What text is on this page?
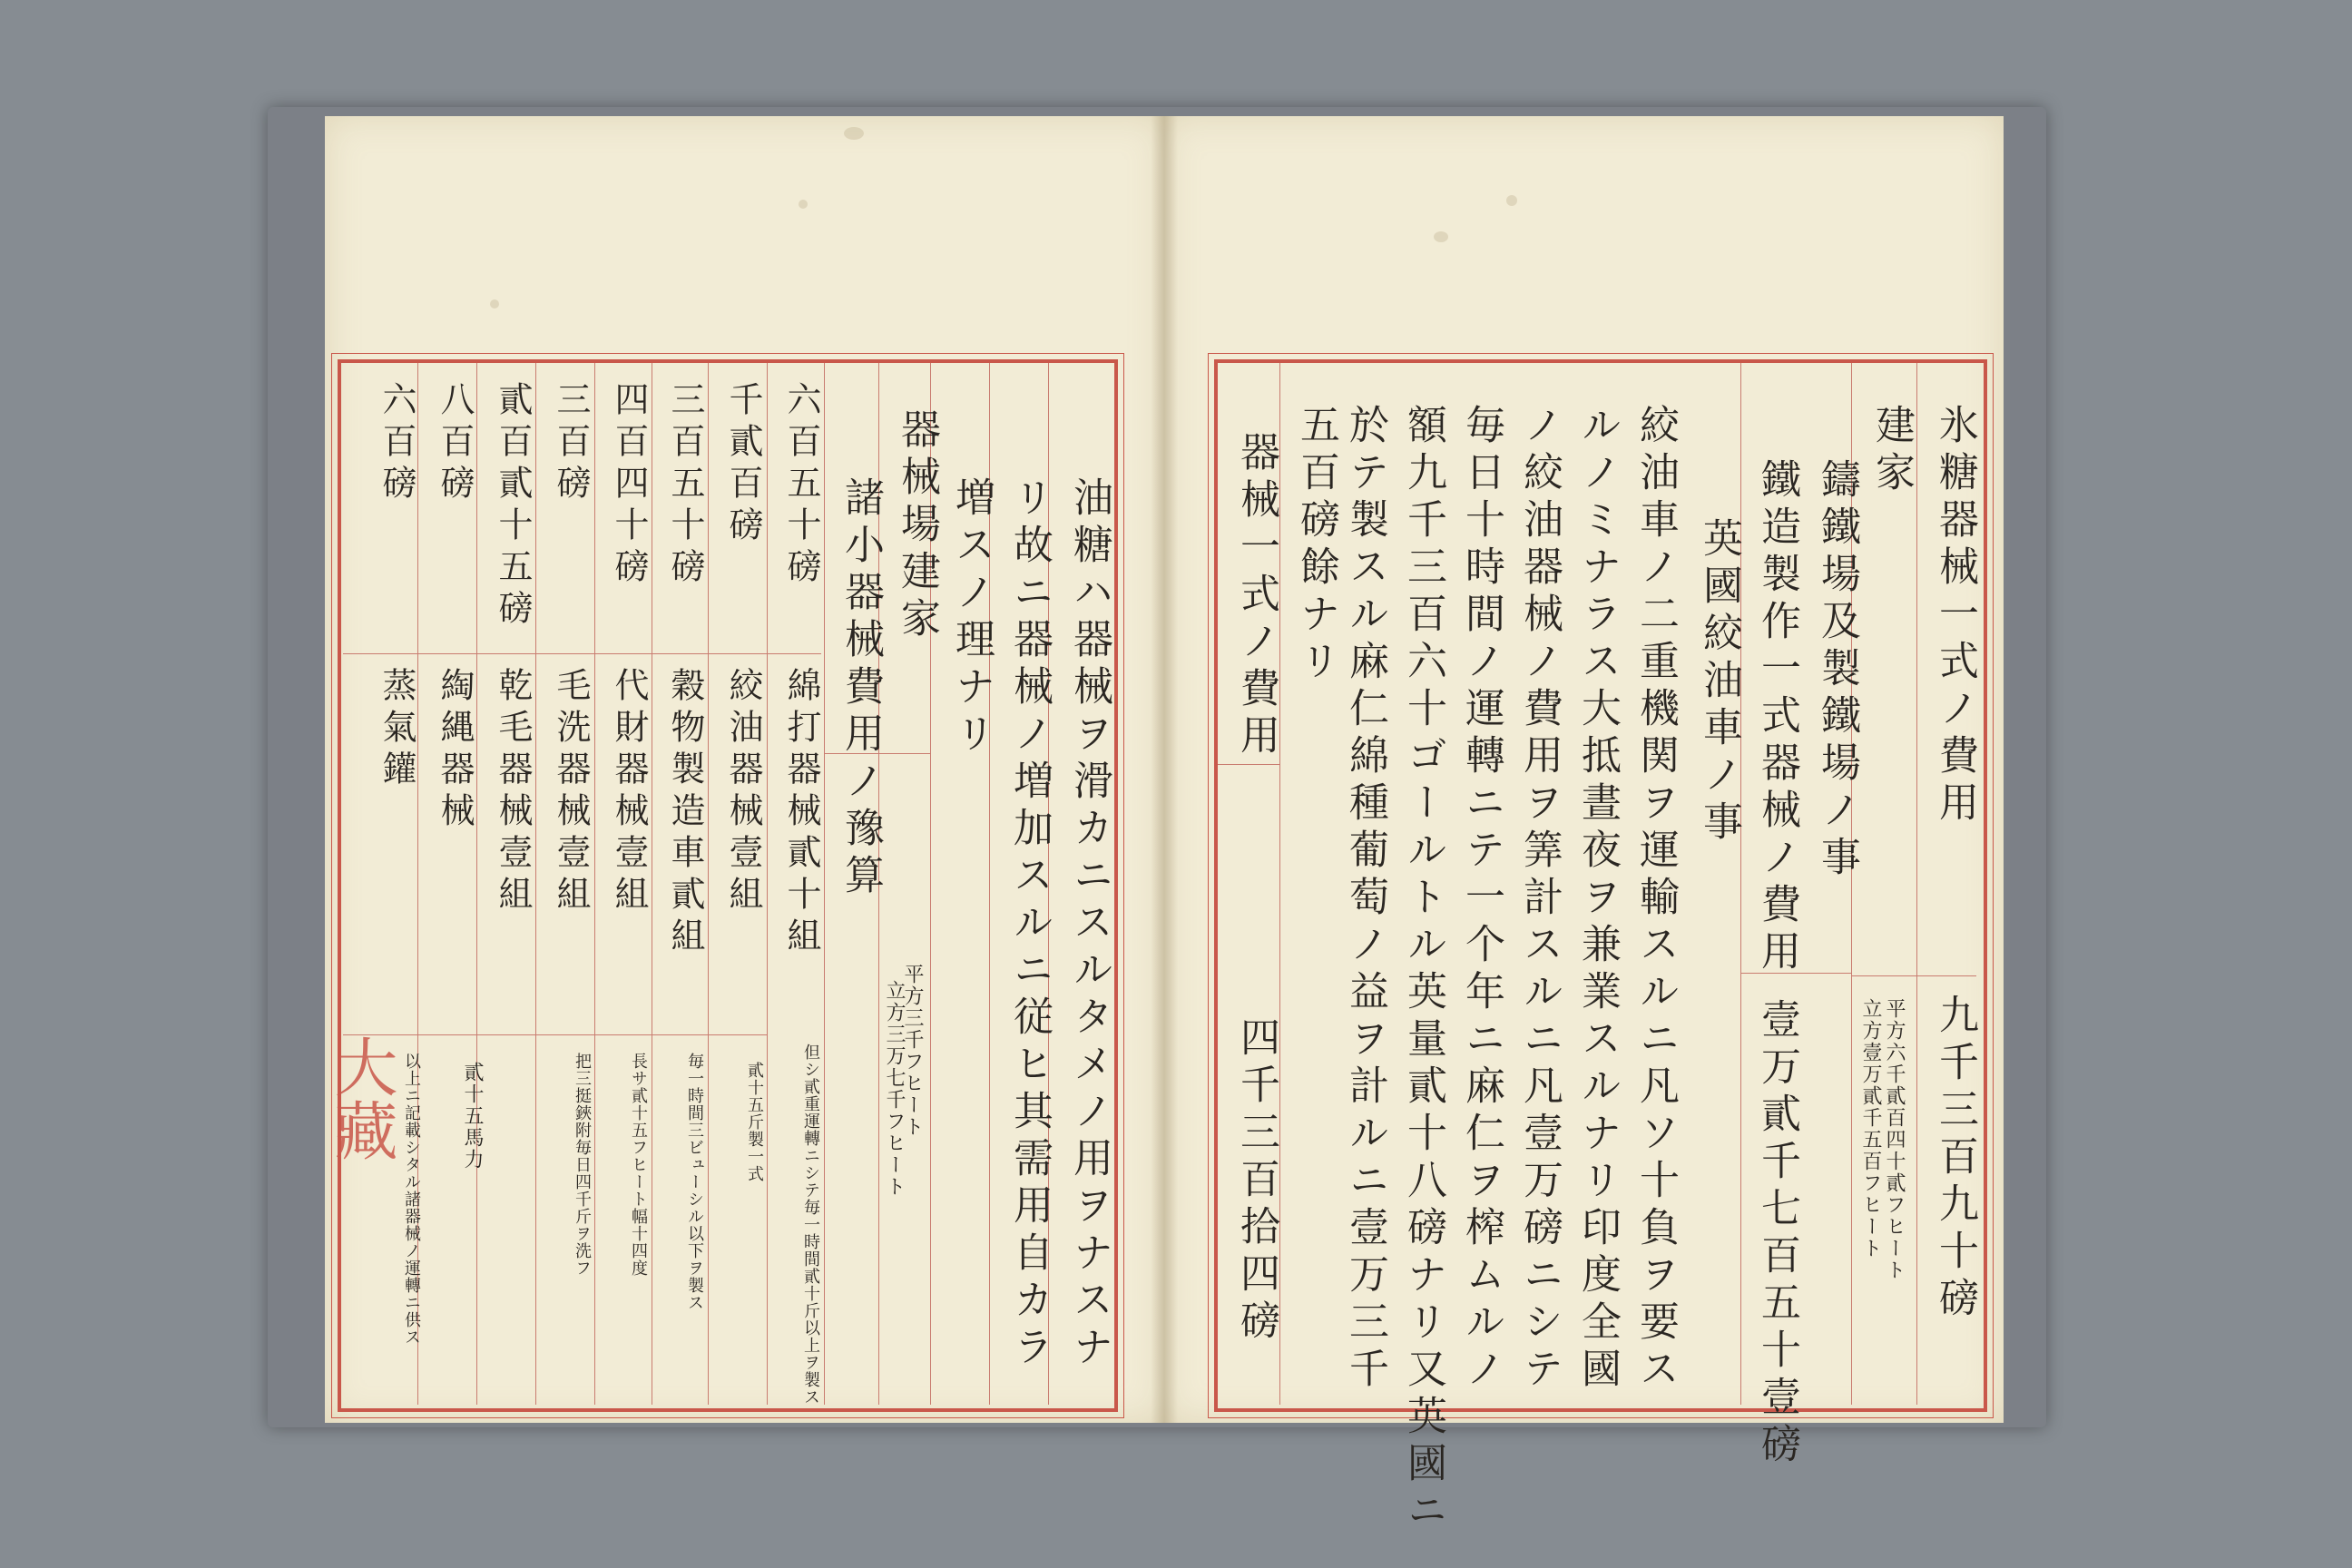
油糖ハ器械ヲ滑カニスルタメノ用ヲナスナ
リ故ニ器械ノ増加スルニ従ヒ其需用自カラ
増スノ理ナリ
器械場建家
平方三千フヒート
立方三万七千フヒート
諸小器械費用ノ豫算
六百五十磅
綿打器械貳十組
但シ貳重運轉ニシテ毎一時間貳十斤以上ヲ製ス
千貳百磅
絞油器械壹組
貳十五斤製一式
三百五十磅
穀物製造車貳組
毎一時間三ビューシル以下ヲ製ス
四百四十磅
代財器械壹組
長サ貳十五フヒート幅十四度
三百磅
毛洗器械壹組
把三挺鋏附毎日四千斤ヲ洗フ
貳百貳十五磅
乾毛器械壹組
八百磅
綯縄器械
貳十五馬力
六百磅
蒸氣鑵
以上ニ記載シタル諸器械ノ運轉ニ供ス
大藏
氷糖器械一式ノ費用
九千三百九十磅
建家
平方六千貳百四十貳フヒート
立方壹万貳千五百フヒート
鑄鐵場及製鐵場ノ事
鐵造製作一式器械ノ費用
壹万貳千七百五十壹磅
英國絞油車ノ事
絞油車ノ二重機関ヲ運輸スルニ凡ソ十負ヲ要ス
ルノミナラス大抵晝夜ヲ兼業スルナリ印度全國
ノ絞油器械ノ費用ヲ筭計スルニ凡壹万磅ニシテ
毎日十時間ノ運轉ニテ一个年ニ麻仁ヲ榨ムルノ
額九千三百六十ゴールトル英量貳十八磅ナリ又英國ニ
於テ製スル麻仁綿種葡萄ノ益ヲ計ルニ壹万三千
五百磅餘ナリ
器械一式ノ費用
四千三百拾四磅
